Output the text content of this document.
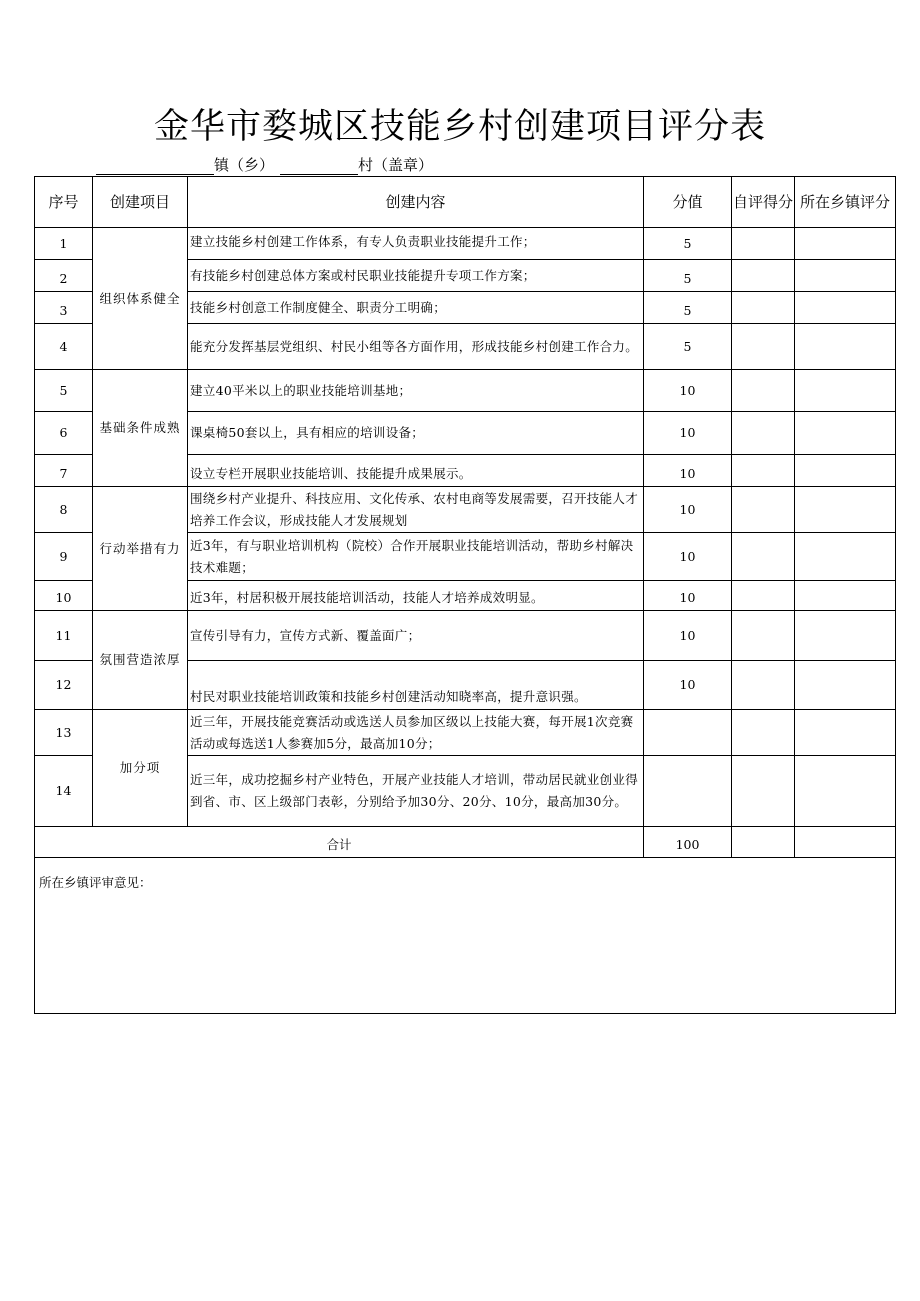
金华市婺城区技能乡村创建项目评分表
镇（乡）	村（盖章）
序号	创建项目	创建内容	分值	自评得分	所在乡镇评分
1	组织体系健全	建立技能乡村创建工作体系，有专人负责职业技能提升工作；	5		
2		有技能乡村创建总体方案或村民职业技能提升专项工作方案；	5		
3		技能乡村创意工作制度健全、职责分工明确；	5		
4		能充分发挥基层党组织、村民小组等各方面作用，形成技能乡村创建工作合力。	5		
5	基础条件成熟	建立40平米以上的职业技能培训基地；	10		
6		课桌椅50套以上，具有相应的培训设备；	10		
7		设立专栏开展职业技能培训、技能提升成果展示。	10		
8	行动举措有力	围绕乡村产业提升、科技应用、文化传承、农村电商等发展需要，召开技能人才培养工作会议，形成技能人才发展规划	10		
9		近3年，有与职业培训机构（院校）合作开展职业技能培训活动，帮助乡村解决技术难题；	10		
10		近3年，村居积极开展技能培训活动，技能人才培养成效明显。	10		
11	氛围营造浓厚	宣传引导有力，宣传方式新、覆盖面广；	10		
12		村民对职业技能培训政策和技能乡村创建活动知晓率高，提升意识强。	10		
13	加分项	近三年，开展技能竞赛活动或选送人员参加区级以上技能大赛，每开展1次竞赛活动或每选送1人参赛加5分，最高加10分；			
14		近三年，成功挖掘乡村产业特色，开展产业技能人才培训，带动居民就业创业得到省、市、区上级部门表彰，分别给予加30分、20分、10分，最高加30分。			
合计			100		
所在乡镇评审意见：					
